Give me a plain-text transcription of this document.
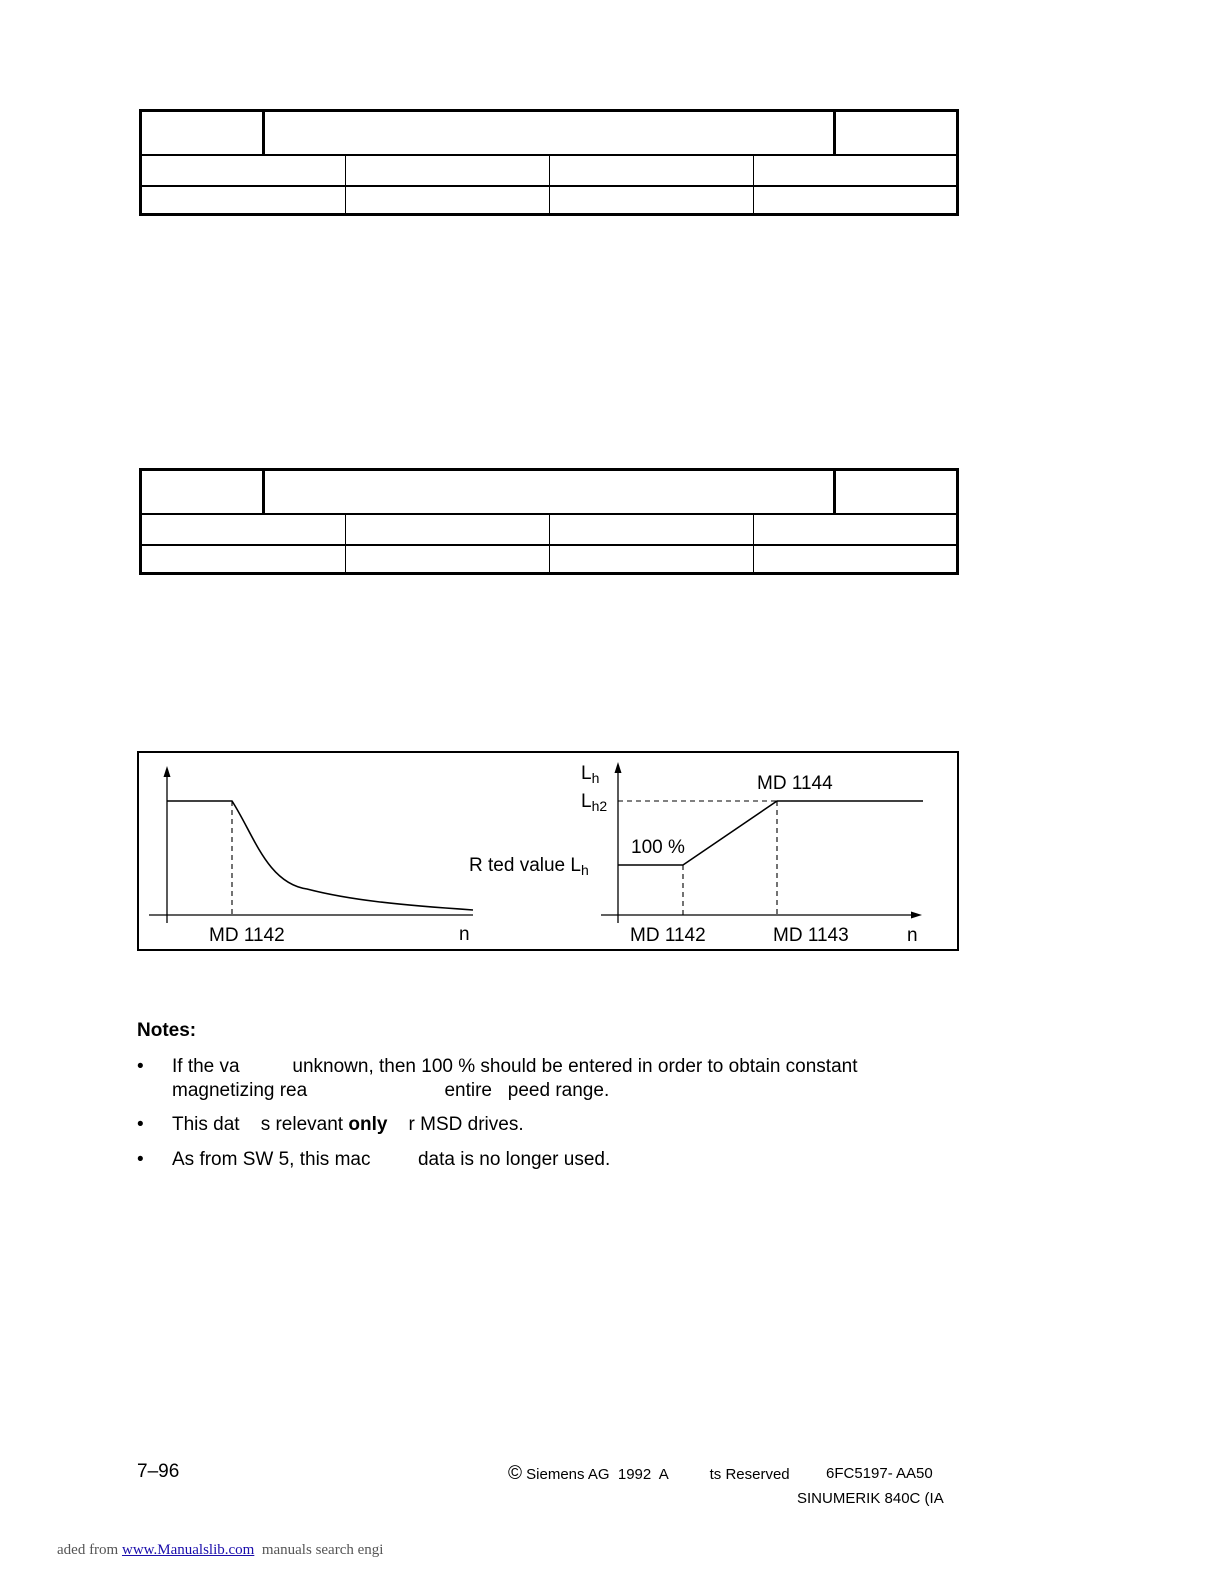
MD 1142	n
$L_h$
$L_{h2}$
R ted value $L_h$
100 %
MD 1144
MD 1142	MD 1143	n
Notes:
•	If the va          unknown, then 100 % should be entered in order to obtain constant
magnetizing rea                          entire   peed range.
•	This dat    s relevant only    r MSD drives.
•	As from SW 5, this mac         data is no longer used.
7–96	© Siemens AG  1992  A          ts Reserved 6FC5197- AA50
SINUMERIK 840C (IA
aded from www.Manualslib.com  manuals search engi
